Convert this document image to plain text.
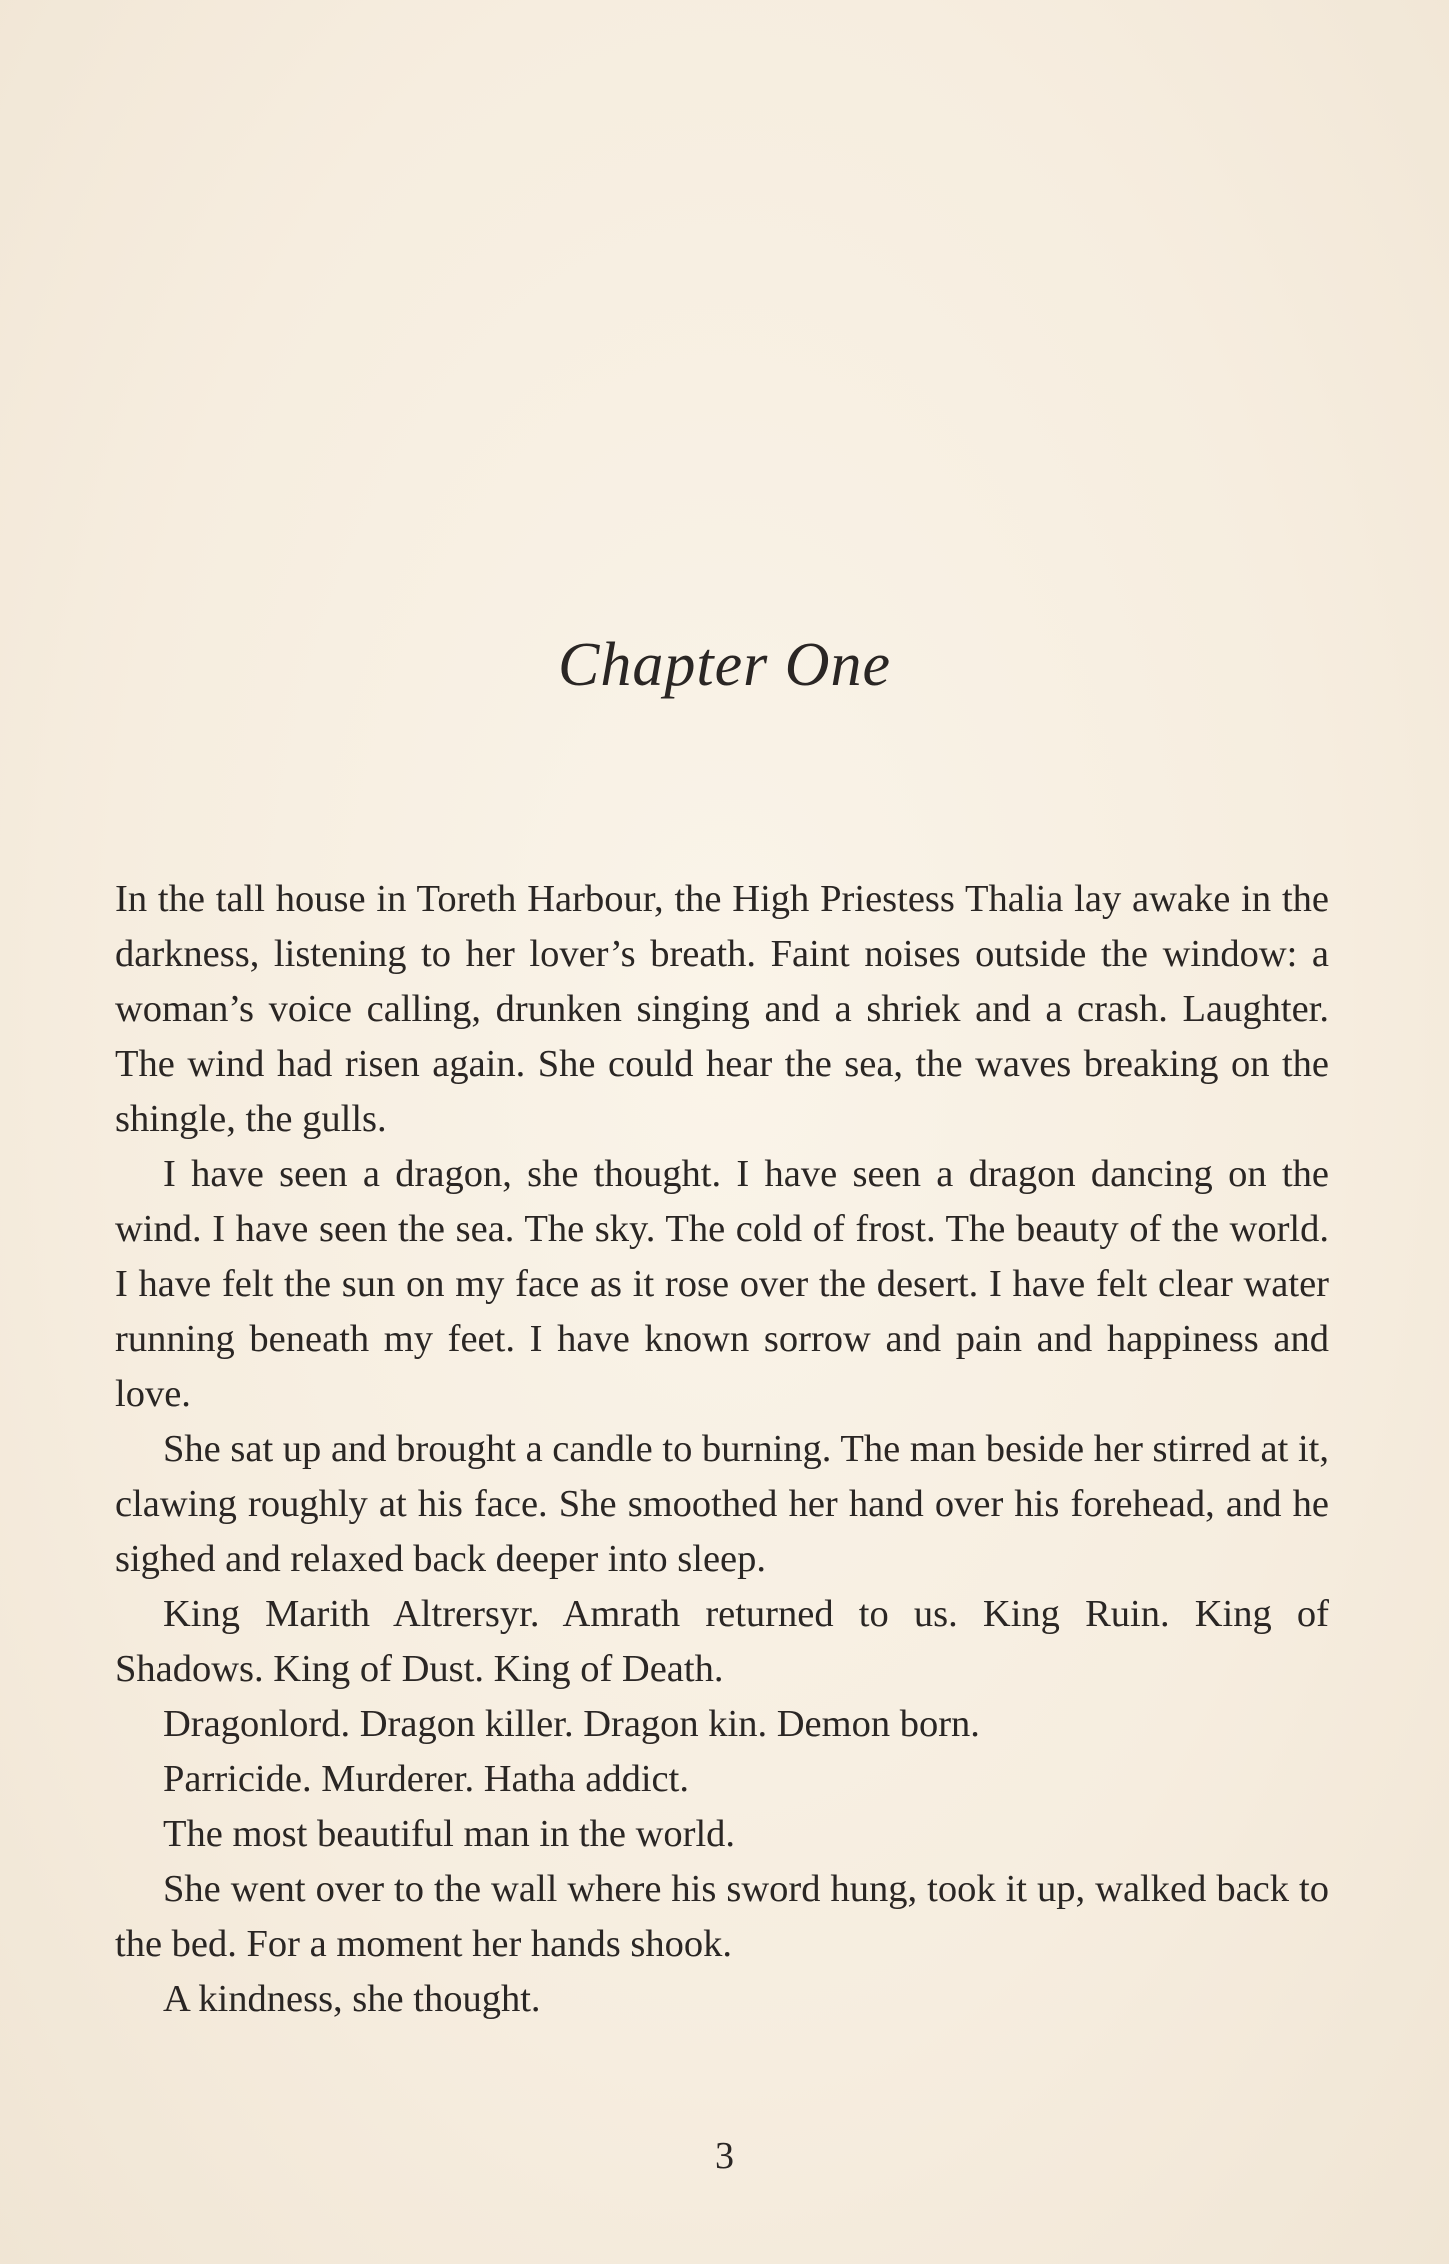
Chapter One

In the tall house in Toreth Harbour, the High Priestess Thalia lay awake in the darkness, listening to her lover’s breath. Faint noises outside the window: a woman’s voice calling, drunken singing and a shriek and a crash. Laughter. The wind had risen again. She could hear the sea, the waves breaking on the shingle, the gulls.

I have seen a dragon, she thought. I have seen a dragon dancing on the wind. I have seen the sea. The sky. The cold of frost. The beauty of the world. I have felt the sun on my face as it rose over the desert. I have felt clear water running beneath my feet. I have known sorrow and pain and happiness and love.

She sat up and brought a candle to burning. The man beside her stirred at it, clawing roughly at his face. She smoothed her hand over his forehead, and he sighed and relaxed back deeper into sleep.

King Marith Altrersyr. Amrath returned to us. King Ruin. King of Shadows. King of Dust. King of Death.

Dragonlord. Dragon killer. Dragon kin. Demon born.

Parricide. Murderer. Hatha addict.

The most beautiful man in the world.

She went over to the wall where his sword hung, took it up, walked back to the bed. For a moment her hands shook.

A kindness, she thought.

3
